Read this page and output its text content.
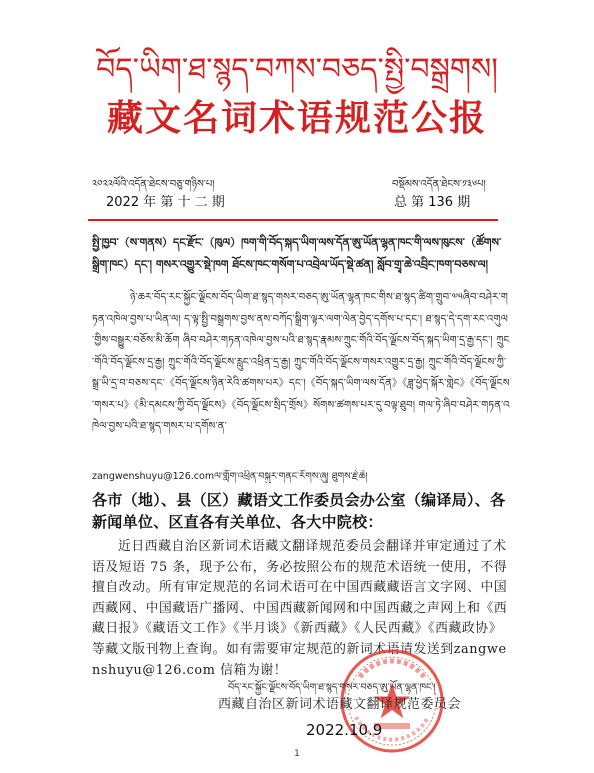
བོད་ཡིག་ཐ་སྙད་བཀས་བཅད་སྤྱི་བསྒྲགས།
藏文名词术语规范公报
༢༠༢༢ལོའི་འདོན་ཐེངས་བཅུ་གཉིས་པ།	བསྡོམས་འདོན་ཐེངས་༡༣༦པ།
2022 年 第 十 二 期	总 第 136 期
སྤྱི་ཁྱབ་（ས་གནས）དང་རྫོང་（ཁུལ）ཁག་གི་བོད་སྐད་ཡིག་ལས་དོན་ཨུ་ཡོན་ལྷན་ཁང་གི་ལས་ཁུངས་（ཚོགས་སྒྲིག་ཁང）དང་། གསར་འགྱུར་སྡེ་ཁག ཐོངས་ཁང་གསོག་པ་འབྲེལ་ཡོད་སྡེ་ཚན། སློབ་གྲྭ་ཆེ་འབྲིང་ཁག་བཅས་ལ།
ཉེ་ཆར་བོད་རང་སྐྱོང་ལྗོངས་བོད་ཡིག་ཐ་སྙད་གསར་བཅད་ཨུ་ཡོན་ལྷན་ཁང་གིས་ཐ་སྙད་ཚིག་གྲུབ་༧༥ཞིབ་བཤེར་གཏན་འཁེལ་བྱས་པ་ཡིན་ལ། ད་ལྟ་སྤྱི་བསྒྲགས་བྱས་ནས་བཀོད་སྒྲིག་ལྟར་ལག་ལེན་བྱེད་དགོས་པ་དང་། ཐ་སྙད་དེ་དག་རང་འགུལ་གྱིས་བསྒྱུར་བཅོས་མི་ཆོག ཞིབ་བཤེར་གཏན་འཁེལ་བྱས་པའི་ཐ་སྙད་རྣམས་ཀྲུང་གོའི་བོད་ལྗོངས་བོད་སྐད་ཡིག་དྲ་རྒྱ་དང་། ཀྲུང་གོའི་བོད་ལྗོངས་དྲ་རྒྱ། ཀྲུང་གོའི་བོད་ལྗོངས་རླུང་འཕྲིན་དྲ་རྒྱ། ཀྲུང་གོའི་བོད་ལྗོངས་གསར་འགྱུར་དྲ་རྒྱ། ཀྲུང་གོའི་བོད་ལྗོངས་ཀྱི་སྒྲ་ཡི་དྲ་བ་བཅས་དང་《བོད་ལྗོངས་ཉིན་རེའི་ཚགས་པར》དང་།《བོད་སྐད་ཡིག་ལས་དོན》《ཟླ་ཕྱེད་སྐོར་གླེང》《བོད་ལྗོངས་གསར་པ》《མི་དམངས་ཀྱི་བོད་ལྗོངས》《བོད་ལྗོངས་སྲིད་གྲོས》སོགས་ཚགས་པར་དུ་བལྟ་ཐུབ། གལ་ཏེ་ཞིབ་བཤེར་གཏན་འཁེལ་བྱས་པའི་ཐ་སྙད་གསར་པ་དགོས་ན་
zangwenshuyu@126.comལ་གློག་འཕྲིན་བསྐུར་གནང་རོགས་ཞུ། ཐུགས་རྗེ་ཆེ།
各市（地）、县（区）藏语文工作委员会办公室（编译局）、各新闻单位、区直各有关单位、各大中院校：
近日西藏自治区新词术语藏文翻译规范委员会翻译并审定通过了术语及短语 75 条，现予公布，务必按照公布的规范术语统一使用，不得擅自改动。所有审定规范的名词术语可在中国西藏藏语言文字网、中国西藏网、中国藏语广播网、中国西藏新闻网和中国西藏之声网上和《西藏日报》《藏语文工作》《半月谈》《新西藏》《人民西藏》《西藏政协》等藏文版刊物上查询。如有需要审定规范的新词术语请发送到zangwenshuyu@126.com 信箱为谢！
བོད་རང་སྐྱོང་ལྗོངས་བོད་ཡིག་ཐ་སྙད་གསར་བཅད་ཨུ་ཡོན་ལྷན་ཁང་།
西藏自治区新词术语藏文翻译规范委员会
2022.10.9
1
